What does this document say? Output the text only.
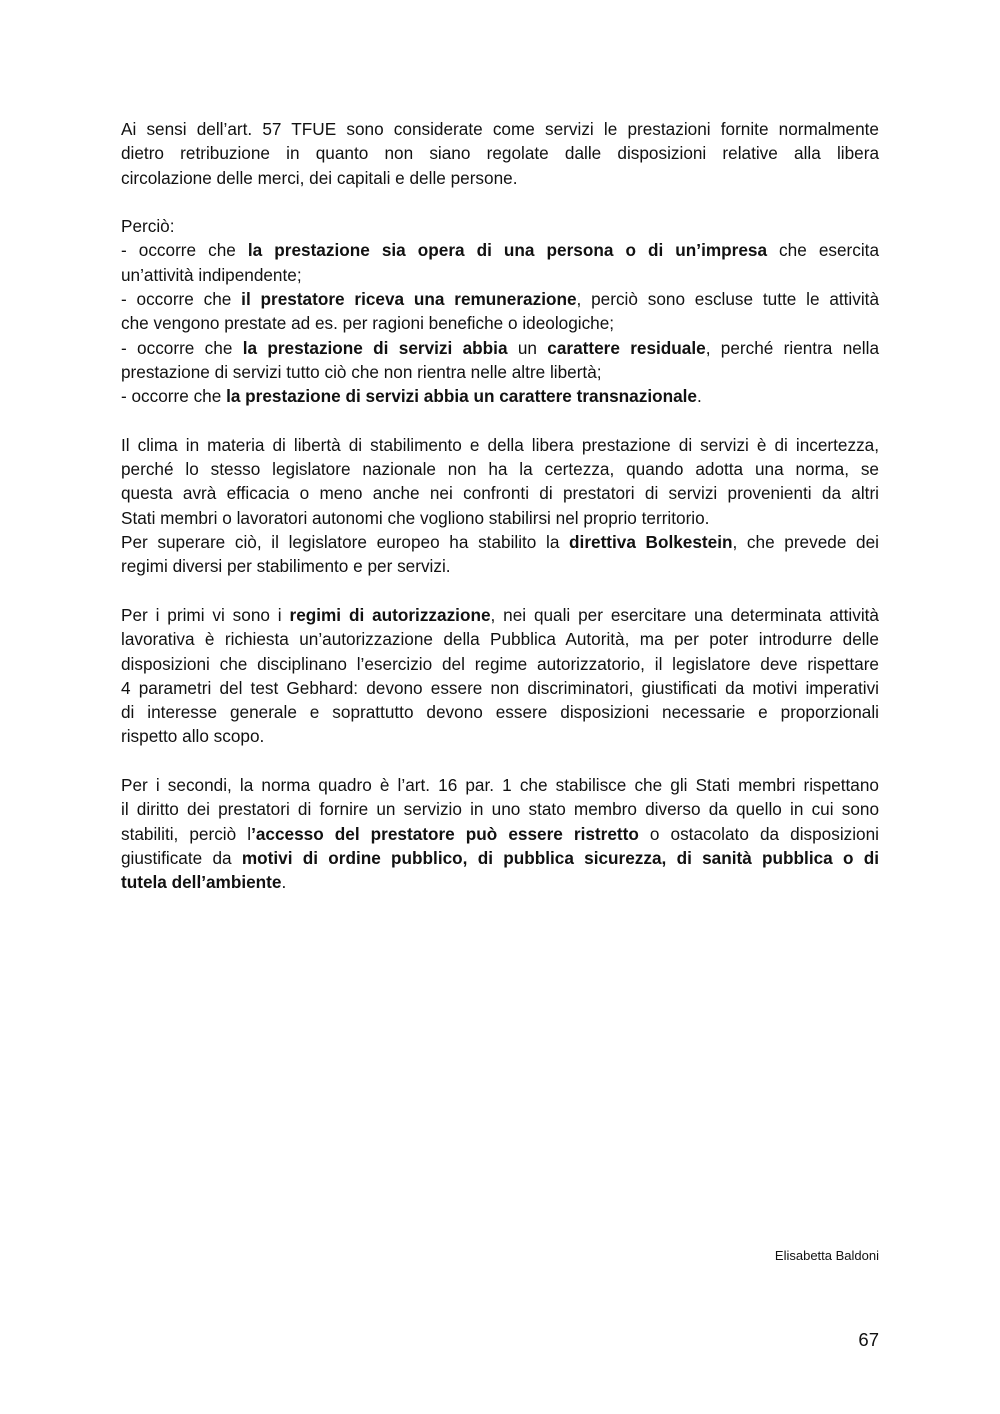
Ai sensi dell’art. 57 TFUE sono considerate come servizi le prestazioni fornite normalmente
dietro retribuzione in quanto non siano regolate dalle disposizioni relative alla libera
circolazione delle merci, dei capitali e delle persone.
Perciò:
- occorre che la prestazione sia opera di una persona o di un’impresa che esercita
un’attività indipendente;
- occorre che il prestatore riceva una remunerazione, perciò sono escluse tutte le attività
che vengono prestate ad es. per ragioni benefiche o ideologiche;
- occorre che la prestazione di servizi abbia un carattere residuale, perché rientra nella
prestazione di servizi tutto ciò che non rientra nelle altre libertà;
- occorre che la prestazione di servizi abbia un carattere transnazionale.
Il clima in materia di libertà di stabilimento e della libera prestazione di servizi è di incertezza,
perché lo stesso legislatore nazionale non ha la certezza, quando adotta una norma, se
questa avrà efficacia o meno anche nei confronti di prestatori di servizi provenienti da altri
Stati membri o lavoratori autonomi che vogliono stabilirsi nel proprio territorio.
Per superare ciò, il legislatore europeo ha stabilito la direttiva Bolkestein, che prevede dei
regimi diversi per stabilimento e per servizi.
Per i primi vi sono i regimi di autorizzazione, nei quali per esercitare una determinata attività
lavorativa è richiesta un’autorizzazione della Pubblica Autorità, ma per poter introdurre delle
disposizioni che disciplinano l’esercizio del regime autorizzatorio, il legislatore deve rispettare
4 parametri del test Gebhard: devono essere non discriminatori, giustificati da motivi imperativi
di interesse generale e soprattutto devono essere disposizioni necessarie e proporzionali
rispetto allo scopo.
Per i secondi, la norma quadro è l’art. 16 par. 1 che stabilisce che gli Stati membri rispettano
il diritto dei prestatori di fornire un servizio in uno stato membro diverso da quello in cui sono
stabiliti, perciò l’accesso del prestatore può essere ristretto o ostacolato da disposizioni
giustificate da motivi di ordine pubblico, di pubblica sicurezza, di sanità pubblica o di
tutela dell’ambiente.
Elisabetta Baldoni
67
